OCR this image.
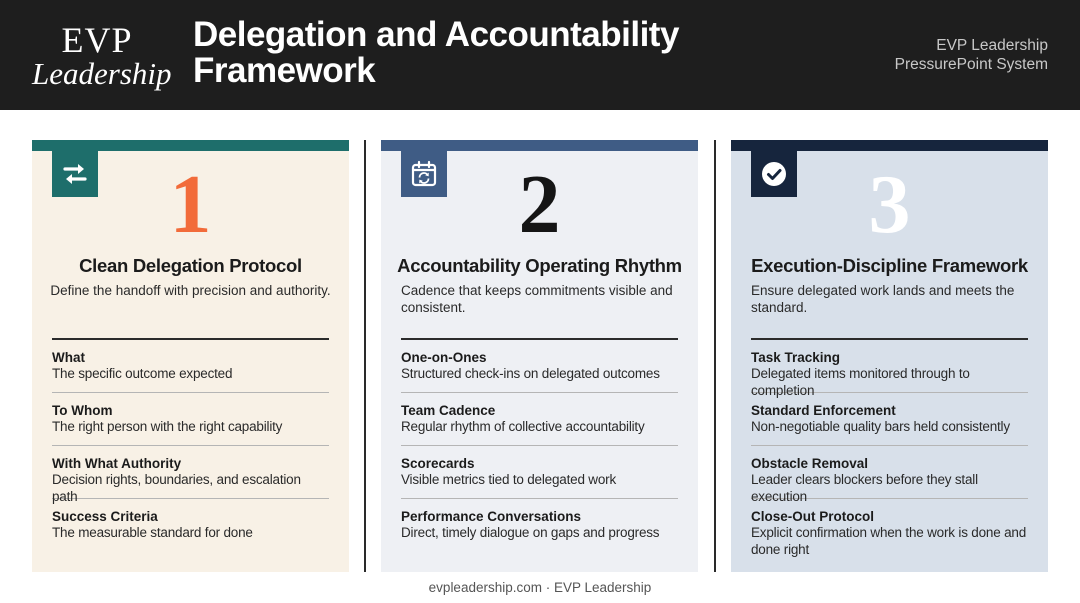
EVP
Leadership
Delegation and Accountability
Framework
EVP Leadership
PressurePoint System
1
Clean Delegation Protocol
Define the handoff with precision and authority.
What
The specific outcome expected
To Whom
The right person with the right capability
With What Authority
Decision rights, boundaries, and escalation path
Success Criteria
The measurable standard for done
2
Accountability Operating Rhythm
Cadence that keeps commitments visible and consistent.
One-on-Ones
Structured check-ins on delegated outcomes
Team Cadence
Regular rhythm of collective accountability
Scorecards
Visible metrics tied to delegated work
Performance Conversations
Direct, timely dialogue on gaps and progress
3
Execution-Discipline Framework
Ensure delegated work lands and meets the standard.
Task Tracking
Delegated items monitored through to completion
Standard Enforcement
Non-negotiable quality bars held consistently
Obstacle Removal
Leader clears blockers before they stall execution
Close-Out Protocol
Explicit confirmation when the work is done and done right
evpleadership.com · EVP Leadership
